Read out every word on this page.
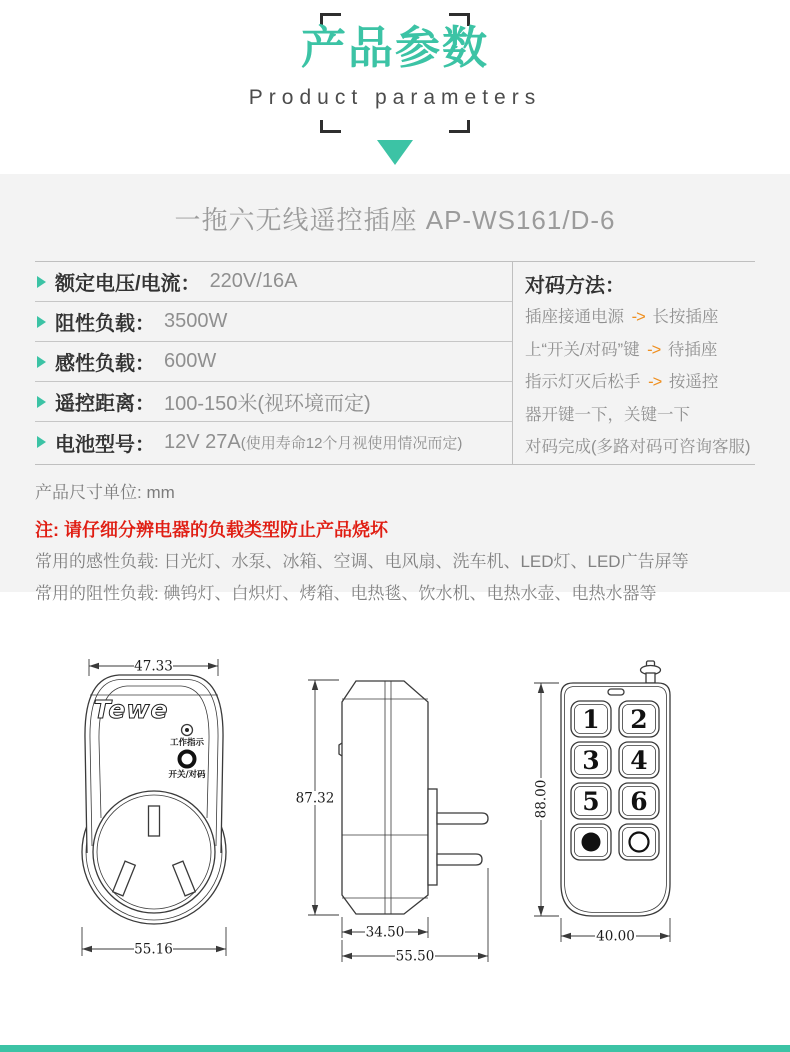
产品参数
Product parameters
一拖六无线遥控插座 AP-WS161/D-6
额定电压/电流： 220V/16A
阻性负载： 3500W
感性负载： 600W
遥控距离： 100-150米(视环境而定)
电池型号： 12V 27A (使用寿命12个月视使用情况而定)
对码方法：
插座接通电源 -> 长按插座
上“开关/对码”键 -> 待插座
指示灯灭后松手 -> 按遥控
器开键一下，关键一下
对码完成(多路对码可咨询客服)
产品尺寸单位: mm
注: 请仔细分辨电器的负载类型防止产品烧坏
常用的感性负载: 日光灯、水泵、冰箱、空调、电风扇、洗车机、LED灯、LED广告屏等
常用的阻性负载: 碘钨灯、白炽灯、烤箱、电热毯、饮水机、电热水壶、电热水器等
47.33
Tewe
工作指示
开关/对码
55.16
87.32
34.50
55.50
1 2
3 4
5 6
88.00
40.00
